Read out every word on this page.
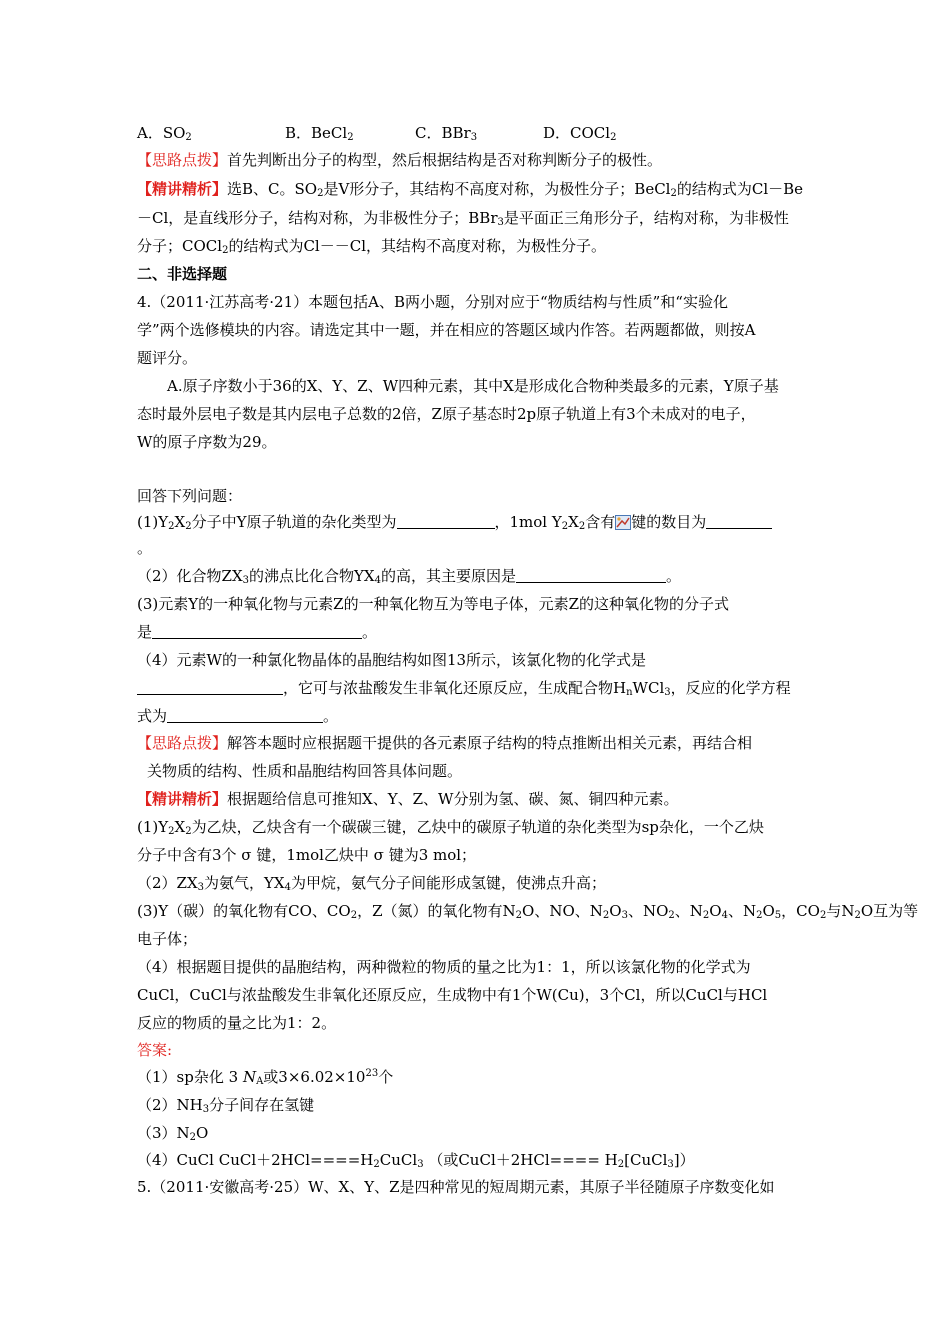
A．$SO_2$	B．BeCl$_2$	C．BBr$_3$	D．COCl$_2$
【思路点拨】首先判断出分子的构型，然后根据结构是否对称判断分子的极性。
【精讲精析】选B、C。$SO_2$是V形分子，其结构不高度对称，为极性分子；BeCl$_2$的结构式为Cl－Be
－Cl，是直线形分子，结构对称，为非极性分子；BBr$_3$是平面正三角形分子，结构对称，为非极性
分子；COCl$_2$的结构式为Cl－－Cl，其结构不高度对称，为极性分子。
二、非选择题
4.（2011·江苏高考·21）本题包括A、B两小题，分别对应于“物质结构与性质”和“实验化
学”两个选修模块的内容。请选定其中一题，并在相应的答题区域内作答。若两题都做，则按A
题评分。
A.原子序数小于36的X、Y、Z、W四种元素，其中X是形成化合物种类最多的元素，Y原子基
态时最外层电子数是其内层电子总数的2倍，Z原子基态时2p原子轨道上有3个未成对的电子，
W的原子序数为29。
回答下列问题：
$(1)Y_2X_2$分子中Y原子轨道的杂化类型为	，1mol $Y_2X_2$含有 键的数目为
。
（2）化合物$ZX_3$的沸点比化合物$YX_4$的高，其主要原因是	。
(3)元素Y的一种氧化物与元素Z的一种氧化物互为等电子体，元素Z的这种氧化物的分子式
是	。
（4）元素W的一种氯化物晶体的晶胞结构如图13所示，该氯化物的化学式是
，它可与浓盐酸发生非氧化还原反应，生成配合物$H_nWCl_3$，反应的化学方程
式为	。
【思路点拨】解答本题时应根据题干提供的各元素原子结构的特点推断出相关元素，再结合相
关物质的结构、性质和晶胞结构回答具体问题。
【精讲精析】根据题给信息可推知X、Y、Z、W分别为氢、碳、氮、铜四种元素。
$(1)Y_2X_2$为乙炔，乙炔含有一个碳碳三键，乙炔中的碳原子轨道的杂化类型为sp杂化，一个乙炔
分子中含有3个 σ 键，1mol乙炔中 σ 键为3 mol；
$(2)ZX_3$为氨气，$YX_4$为甲烷，氨气分子间能形成氢键，使沸点升高；
(3)Y（碳）的氧化物有CO、$CO_2$，Z（氮）的氧化物有$N_2O$、NO、$N_2O_3$、$NO_2$、$N_2O_4$、$N_2O_5$，$CO_2$与$N_2O$互为等
电子体；
（4）根据题目提供的晶胞结构，两种微粒的物质的量之比为1：1，所以该氯化物的化学式为
CuCl，CuCl与浓盐酸发生非氧化还原反应，生成物中有1个W(Cu)，3个Cl，所以CuCl与HCl
反应的物质的量之比为1：2。
答案:
（1）sp杂化 3 $N_A$或$3\times 6.02\times 10^{23}$个
$(2)NH_3$分子间存在氢键
$(3)N_2O$
（4）CuCl $CuCl+2HCl====H_2CuCl_3$ （或CuCl＋2HCl==== $H_2[CuCl_3]$）
5.（2011·安徽高考·25）W、X、Y、Z是四种常见的短周期元素，其原子半径随原子序数变化如
